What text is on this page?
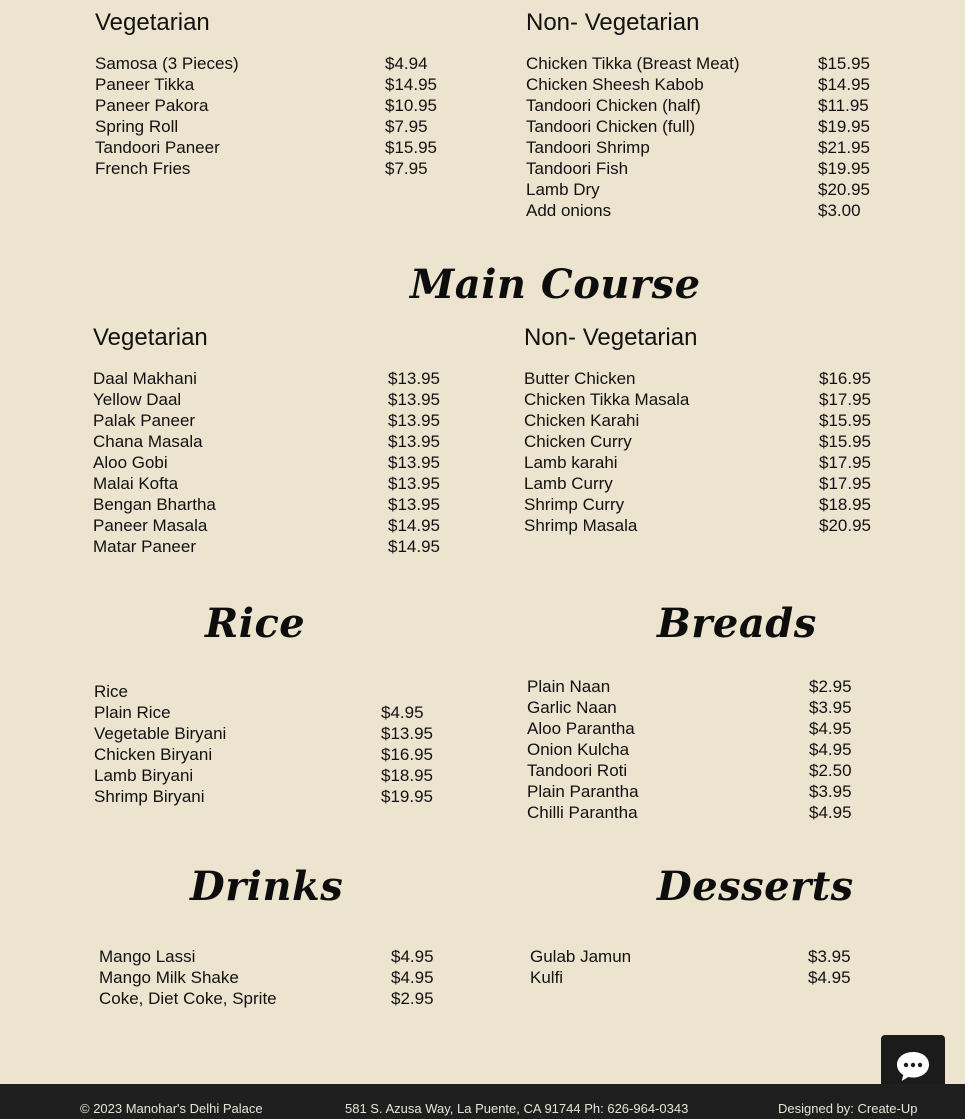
Vegetarian
Samosa (3 Pieces)	$4.94
Paneer Tikka	$14.95
Paneer Pakora	$10.95
Spring Roll	$7.95
Tandoori Paneer	$15.95
French Fries	$7.95
Non- Vegetarian
Chicken Tikka (Breast Meat)	$15.95
Chicken Sheesh Kabob	$14.95
Tandoori Chicken (half)	$11.95
Tandoori Chicken (full)	$19.95
Tandoori Shrimp	$21.95
Tandoori Fish	$19.95
Lamb Dry	$20.95
Add onions	$3.00
Main Course
Vegetarian
Daal Makhani	$13.95
Yellow Daal	$13.95
Palak Paneer	$13.95
Chana Masala	$13.95
Aloo Gobi	$13.95
Malai Kofta	$13.95
Bengan Bhartha	$13.95
Paneer Masala	$14.95
Matar Paneer	$14.95
Non- Vegetarian
Butter Chicken	$16.95
Chicken Tikka Masala	$17.95
Chicken Karahi	$15.95
Chicken Curry	$15.95
Lamb karahi	$17.95
Lamb Curry	$17.95
Shrimp Curry	$18.95
Shrimp Masala	$20.95
Rice
Rice
Plain Rice	$4.95
Vegetable Biryani	$13.95
Chicken Biryani	$16.95
Lamb Biryani	$18.95
Shrimp Biryani	$19.95
Breads
Plain Naan	$2.95
Garlic Naan	$3.95
Aloo Parantha	$4.95
Onion Kulcha	$4.95
Tandoori Roti	$2.50
Plain Parantha	$3.95
Chilli Parantha	$4.95
Drinks
Mango Lassi	$4.95
Mango Milk Shake	$4.95
Coke, Diet Coke, Sprite	$2.95
Desserts
Gulab Jamun	$3.95
Kulfi	$4.95
© 2023 Manohar's Delhi Palace	581 S. Azusa Way, La Puente, CA 91744 Ph: 626-964-0343	Designed by: Create-Up
